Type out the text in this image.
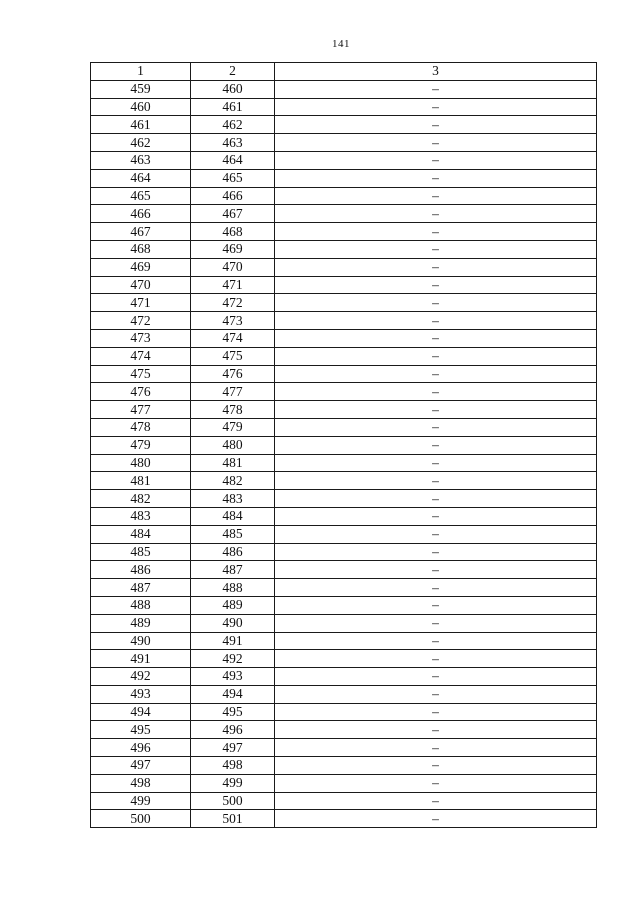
141
1	2	3
459	460	–
460	461	–
461	462	–
462	463	–
463	464	–
464	465	–
465	466	–
466	467	–
467	468	–
468	469	–
469	470	–
470	471	–
471	472	–
472	473	–
473	474	–
474	475	–
475	476	–
476	477	–
477	478	–
478	479	–
479	480	–
480	481	–
481	482	–
482	483	–
483	484	–
484	485	–
485	486	–
486	487	–
487	488	–
488	489	–
489	490	–
490	491	–
491	492	–
492	493	–
493	494	–
494	495	–
495	496	–
496	497	–
497	498	–
498	499	–
499	500	–
500	501	–
